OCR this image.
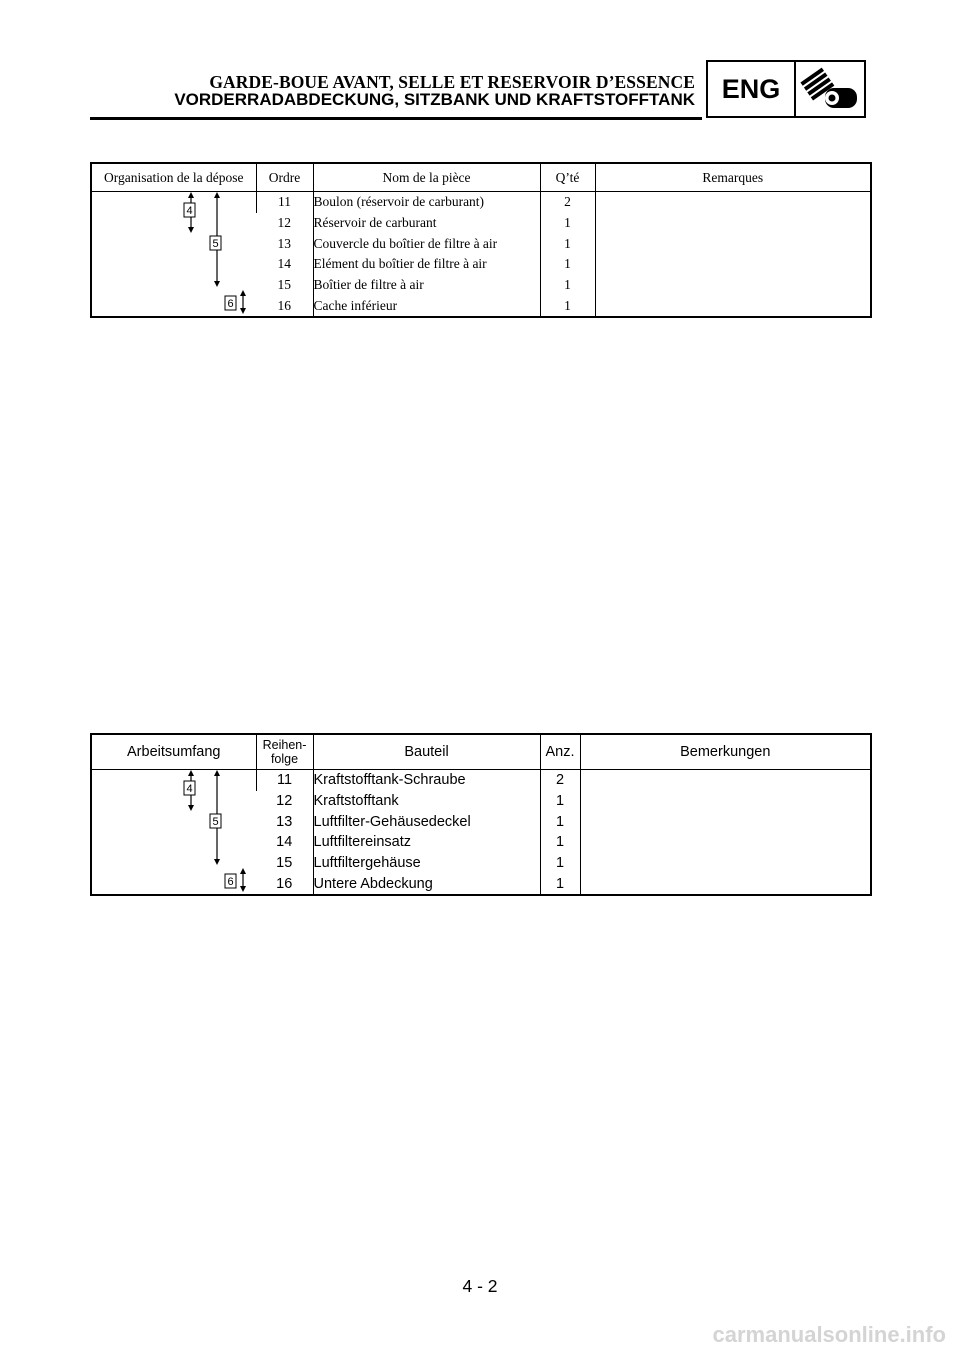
GARDE-BOUE AVANT, SELLE ET RESERVOIR D’ESSENCE
VORDERRADABDECKUNG, SITZBANK UND KRAFTSTOFFTANK ENG
Organisation de la dépose	Ordre	Nom de la pièce	Q’té	Remarques

4
5
6	11	Boulon (réservoir de carburant)	2	
	12	Réservoir de carburant	1	
	13	Couvercle du boîtier de filtre à air	1	
	14	Elément du boîtier de filtre à air	1	
	15	Boîtier de filtre à air	1	
	16	Cache inférieur	1	
Arbeitsumfang	Reihen-
folge	Bauteil	Anz.	Bemerkungen

4
5
6	11	Kraftstofftank-Schraube	2	
	12	Kraftstofftank	1	
	13	Luftfilter-Gehäusedeckel	1	
	14	Luftfiltereinsatz	1	
	15	Luftfiltergehäuse	1	
	16	Untere Abdeckung	1	
4 - 2
carmanualsonline.info
